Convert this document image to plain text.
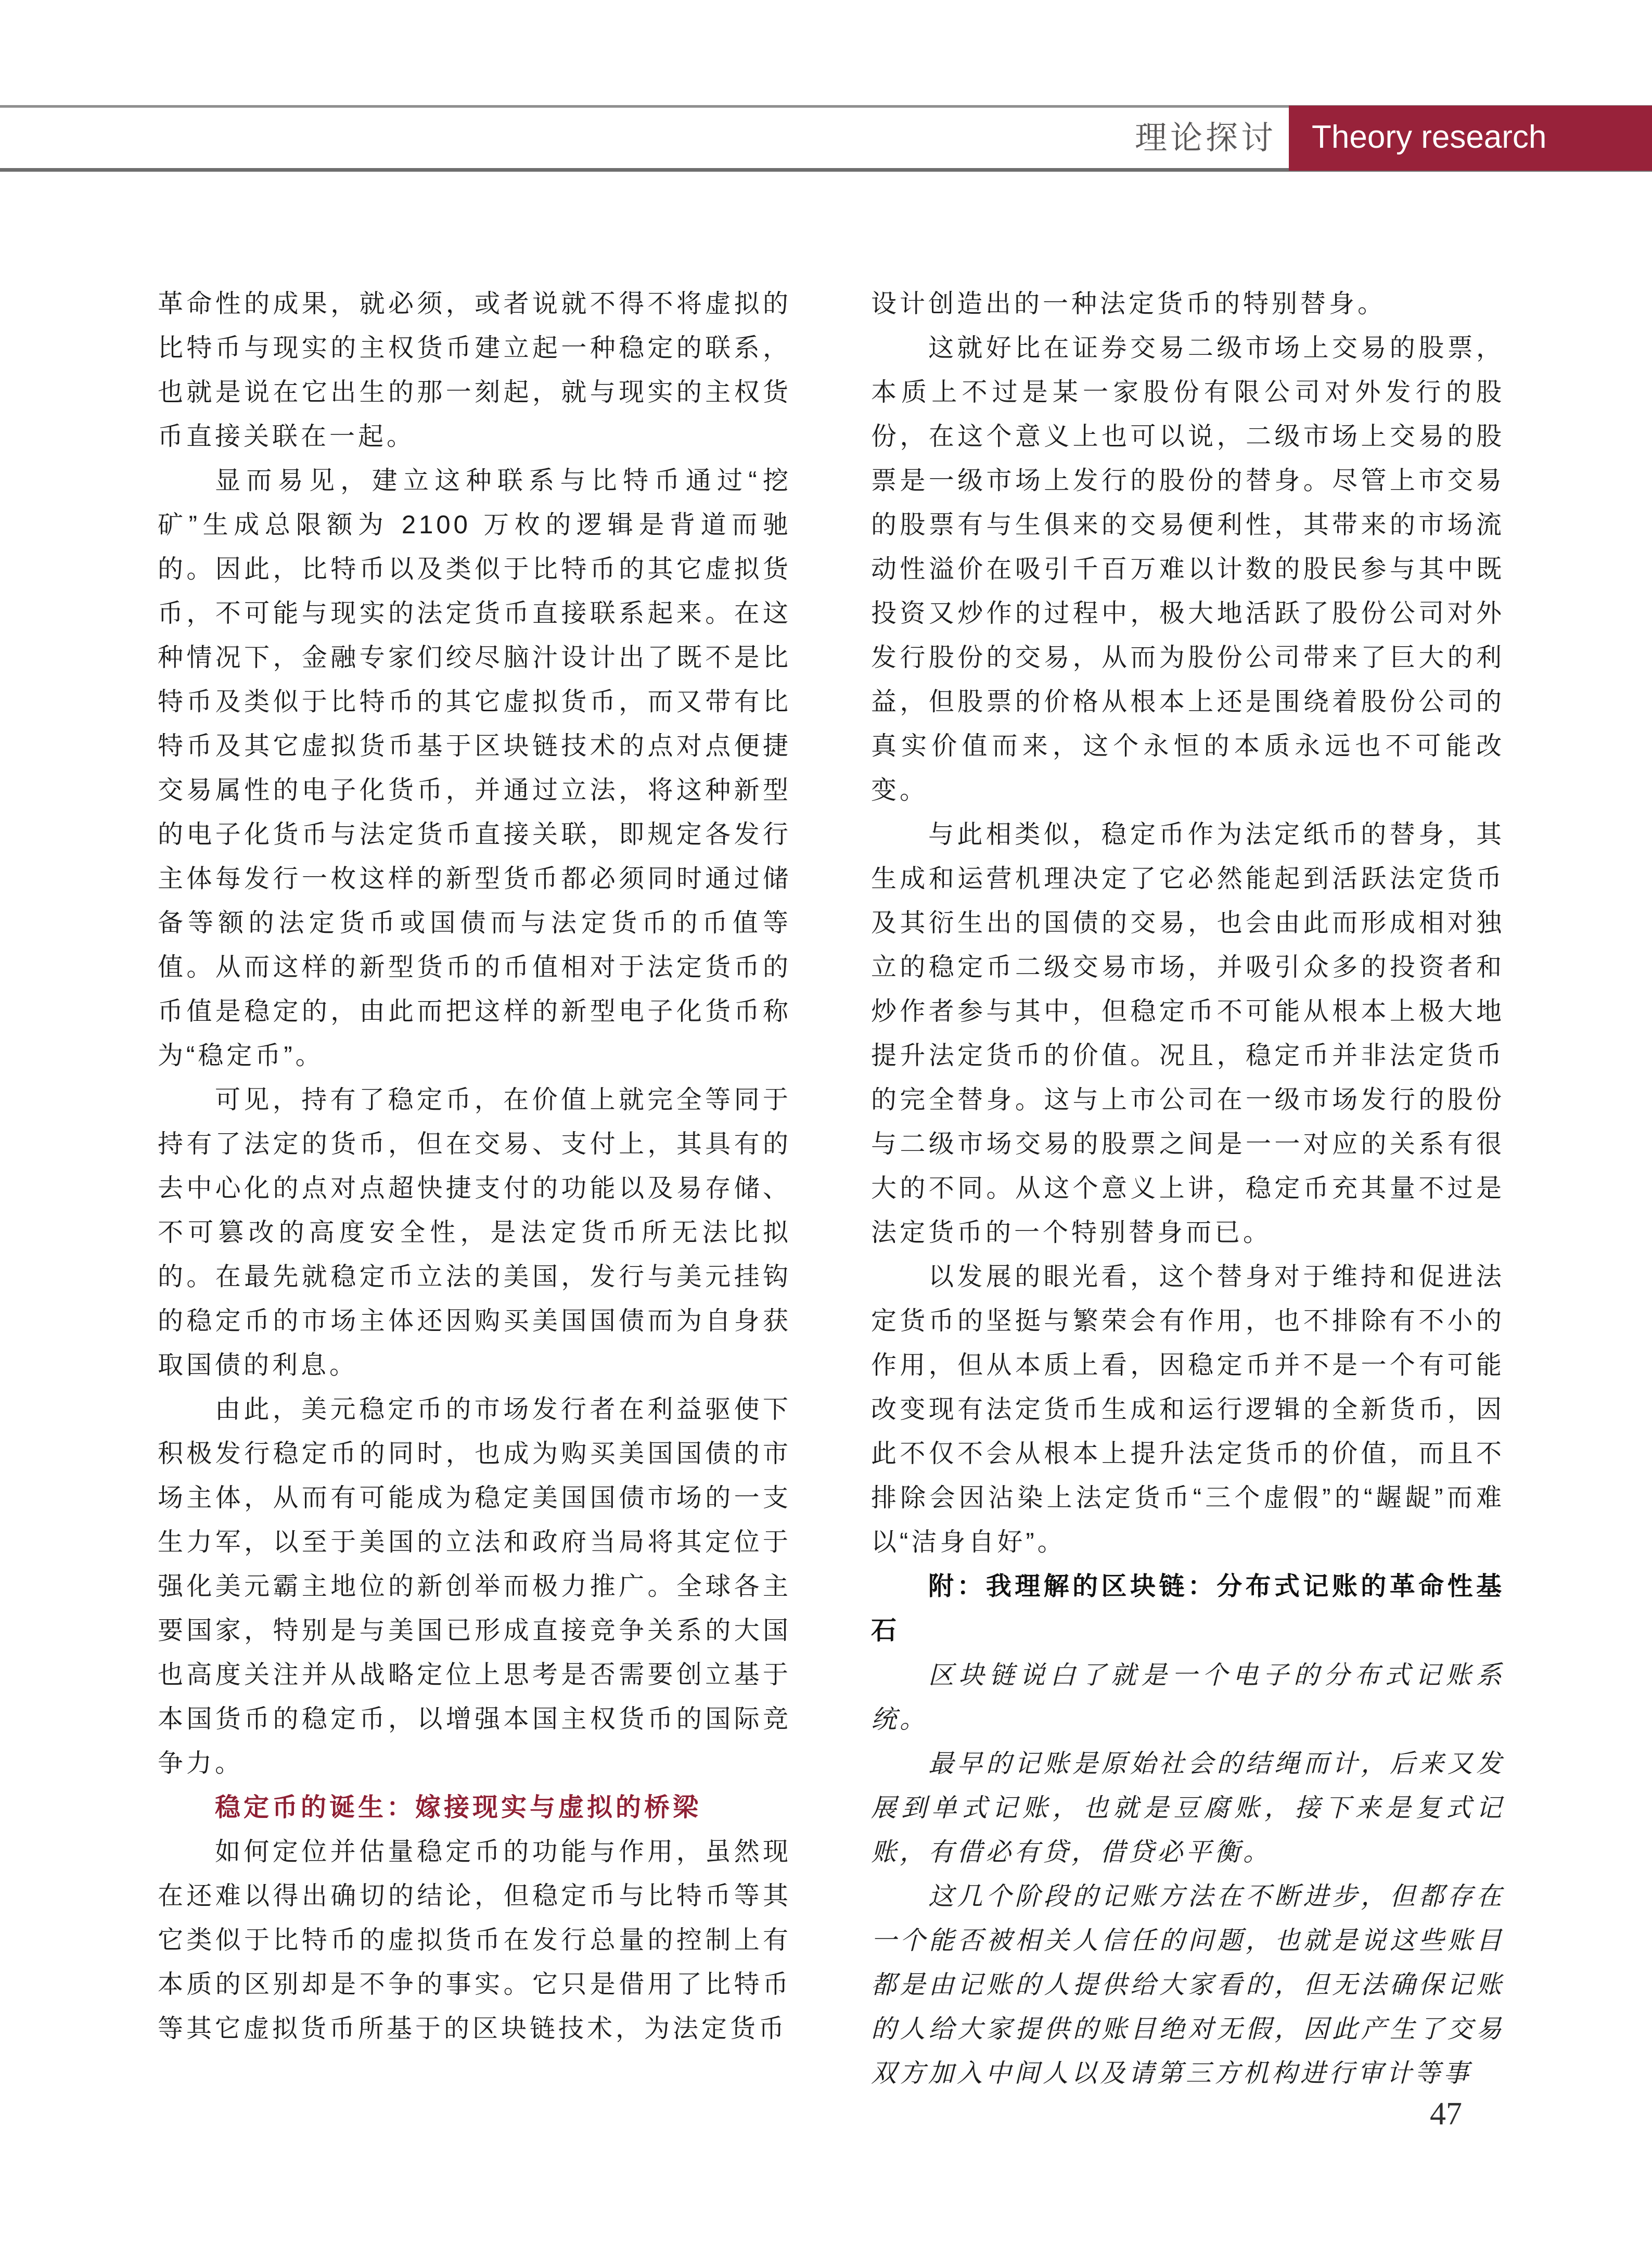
理论探讨	Theory research

革命性的成果，就必须，或者说就不得不将虚拟的比特币与现实的主权货币建立起一种稳定的联系，也就是说在它出生的那一刻起，就与现实的主权货币直接关联在一起。

显而易见，建立这种联系与比特币通过“挖矿”生成总限额为 2100 万枚的逻辑是背道而驰的。因此，比特币以及类似于比特币的其它虚拟货币，不可能与现实的法定货币直接联系起来。在这种情况下，金融专家们绞尽脑汁设计出了既不是比特币及类似于比特币的其它虚拟货币，而又带有比特币及其它虚拟货币基于区块链技术的点对点便捷交易属性的电子化货币，并通过立法，将这种新型的电子化货币与法定货币直接关联，即规定各发行主体每发行一枚这样的新型货币都必须同时通过储备等额的法定货币或国债而与法定货币的币值等值。从而这样的新型货币的币值相对于法定货币的币值是稳定的，由此而把这样的新型电子化货币称为“稳定币”。

可见，持有了稳定币，在价值上就完全等同于持有了法定的货币，但在交易、支付上，其具有的去中心化的点对点超快捷支付的功能以及易存储、不可篡改的高度安全性，是法定货币所无法比拟的。在最先就稳定币立法的美国，发行与美元挂钩的稳定币的市场主体还因购买美国国债而为自身获取国债的利息。

由此，美元稳定币的市场发行者在利益驱使下积极发行稳定币的同时，也成为购买美国国债的市场主体，从而有可能成为稳定美国国债市场的一支生力军，以至于美国的立法和政府当局将其定位于强化美元霸主地位的新创举而极力推广。全球各主要国家，特别是与美国已形成直接竞争关系的大国也高度关注并从战略定位上思考是否需要创立基于本国货币的稳定币，以增强本国主权货币的国际竞争力。

稳定币的诞生：嫁接现实与虚拟的桥梁

如何定位并估量稳定币的功能与作用，虽然现在还难以得出确切的结论，但稳定币与比特币等其它类似于比特币的虚拟货币在发行总量的控制上有本质的区别却是不争的事实。它只是借用了比特币等其它虚拟货币所基于的区块链技术，为法定货币

设计创造出的一种法定货币的特别替身。

这就好比在证券交易二级市场上交易的股票，本质上不过是某一家股份有限公司对外发行的股份，在这个意义上也可以说，二级市场上交易的股票是一级市场上发行的股份的替身。尽管上市交易的股票有与生俱来的交易便利性，其带来的市场流动性溢价在吸引千百万难以计数的股民参与其中既投资又炒作的过程中，极大地活跃了股份公司对外发行股份的交易，从而为股份公司带来了巨大的利益，但股票的价格从根本上还是围绕着股份公司的真实价值而来，这个永恒的本质永远也不可能改变。

与此相类似，稳定币作为法定纸币的替身，其生成和运营机理决定了它必然能起到活跃法定货币及其衍生出的国债的交易，也会由此而形成相对独立的稳定币二级交易市场，并吸引众多的投资者和炒作者参与其中，但稳定币不可能从根本上极大地提升法定货币的价值。况且，稳定币并非法定货币的完全替身。这与上市公司在一级市场发行的股份与二级市场交易的股票之间是一一对应的关系有很大的不同。从这个意义上讲，稳定币充其量不过是法定货币的一个特别替身而已。

以发展的眼光看，这个替身对于维持和促进法定货币的坚挺与繁荣会有作用，也不排除有不小的作用，但从本质上看，因稳定币并不是一个有可能改变现有法定货币生成和运行逻辑的全新货币，因此不仅不会从根本上提升法定货币的价值，而且不排除会因沾染上法定货币“三个虚假”的“龌龊”而难以“洁身自好”。

附：我理解的区块链：分布式记账的革命性基石

区块链说白了就是一个电子的分布式记账系统。

最早的记账是原始社会的结绳而计，后来又发展到单式记账，也就是豆腐账，接下来是复式记账，有借必有贷，借贷必平衡。

这几个阶段的记账方法在不断进步，但都存在一个能否被相关人信任的问题，也就是说这些账目都是由记账的人提供给大家看的，但无法确保记账的人给大家提供的账目绝对无假，因此产生了交易双方加入中间人以及请第三方机构进行审计等事

47
